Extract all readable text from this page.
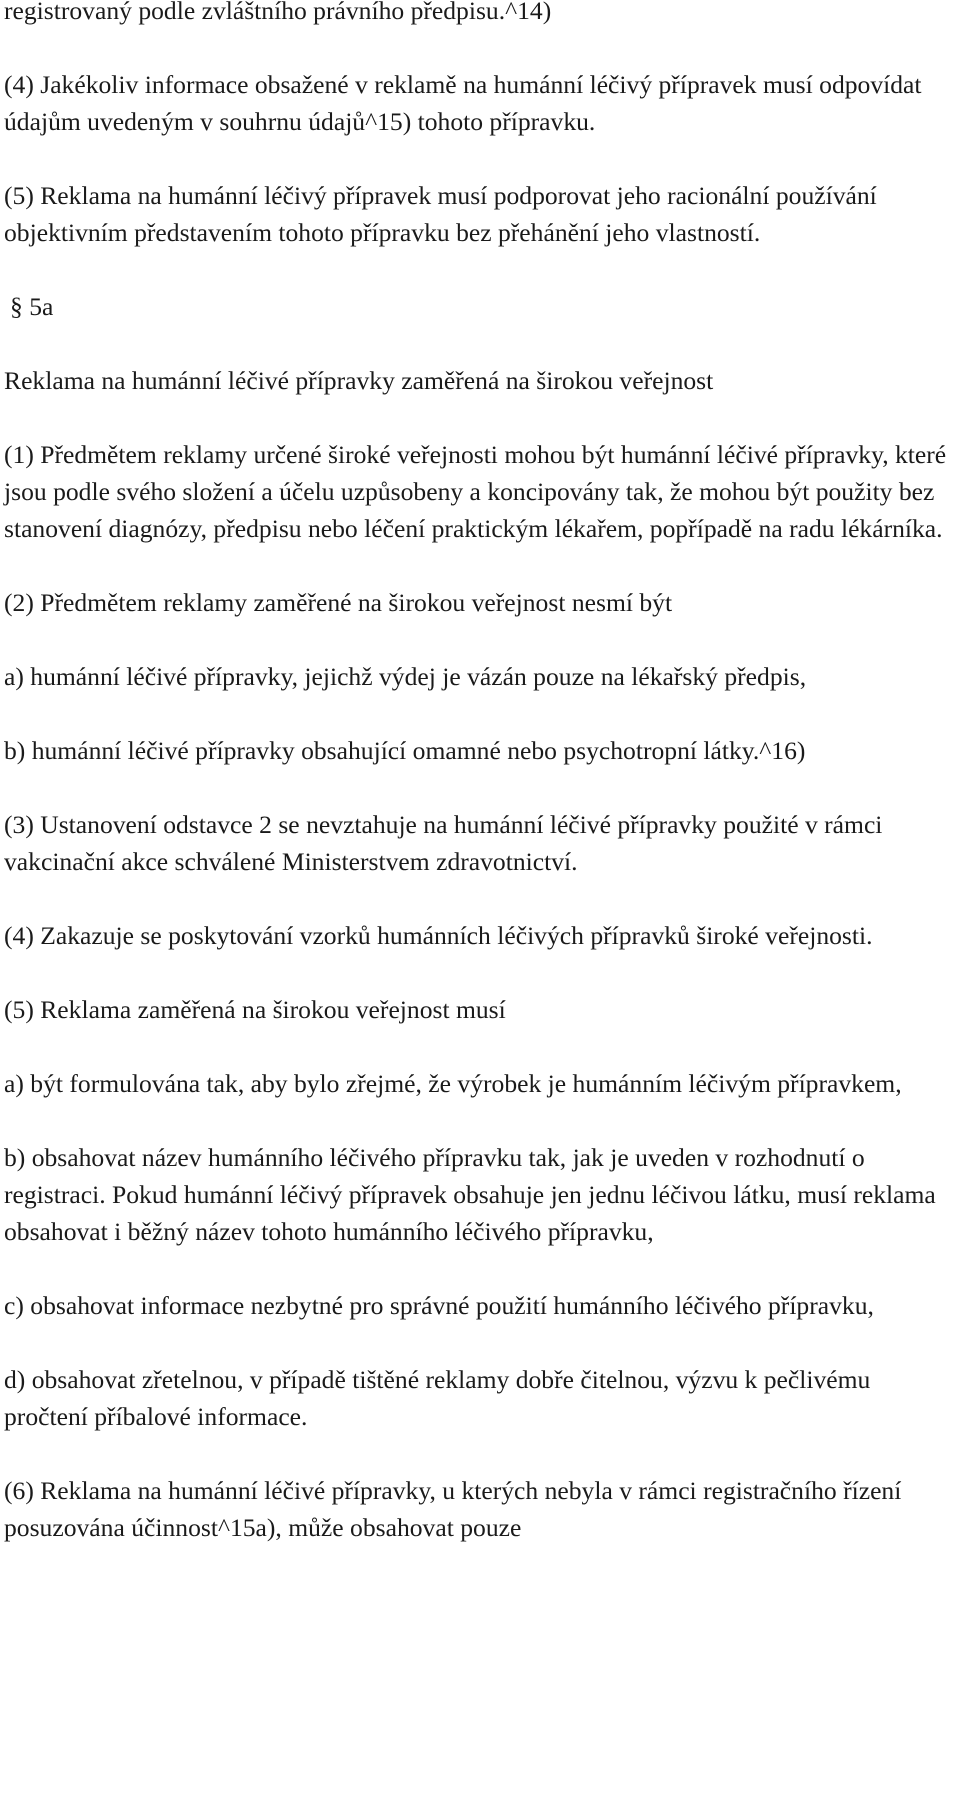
registrovaný podle zvláštního právního předpisu.^14)

(4) Jakékoliv informace obsažené v reklamě na humánní léčivý přípravek musí odpovídat údajům uvedeným v souhrnu údajů^15) tohoto přípravku.

(5) Reklama na humánní léčivý přípravek musí podporovat jeho racionální používání objektivním představením tohoto přípravku bez přehánění jeho vlastností.

§ 5a

Reklama na humánní léčivé přípravky zaměřená na širokou veřejnost

(1) Předmětem reklamy určené široké veřejnosti mohou být humánní léčivé přípravky, které jsou podle svého složení a účelu uzpůsobeny a koncipovány tak, že mohou být použity bez stanovení diagnózy, předpisu nebo léčení praktickým lékařem, popřípadě na radu lékárníka.

(2) Předmětem reklamy zaměřené na širokou veřejnost nesmí být

a) humánní léčivé přípravky, jejichž výdej je vázán pouze na lékařský předpis,

b) humánní léčivé přípravky obsahující omamné nebo psychotropní látky.^16)

(3) Ustanovení odstavce 2 se nevztahuje na humánní léčivé přípravky použité v rámci vakcinační akce schválené Ministerstvem zdravotnictví.

(4) Zakazuje se poskytování vzorků humánních léčivých přípravků široké veřejnosti.

(5) Reklama zaměřená na širokou veřejnost musí

a) být formulována tak, aby bylo zřejmé, že výrobek je humánním léčivým přípravkem,

b) obsahovat název humánního léčivého přípravku tak, jak je uveden v rozhodnutí o registraci. Pokud humánní léčivý přípravek obsahuje jen jednu léčivou látku, musí reklama obsahovat i běžný název tohoto humánního léčivého přípravku,

c) obsahovat informace nezbytné pro správné použití humánního léčivého přípravku,

d) obsahovat zřetelnou, v případě tištěné reklamy dobře čitelnou, výzvu k pečlivému pročtení příbalové informace.

(6) Reklama na humánní léčivé přípravky, u kterých nebyla v rámci registračního řízení posuzována účinnost^15a), může obsahovat pouze
